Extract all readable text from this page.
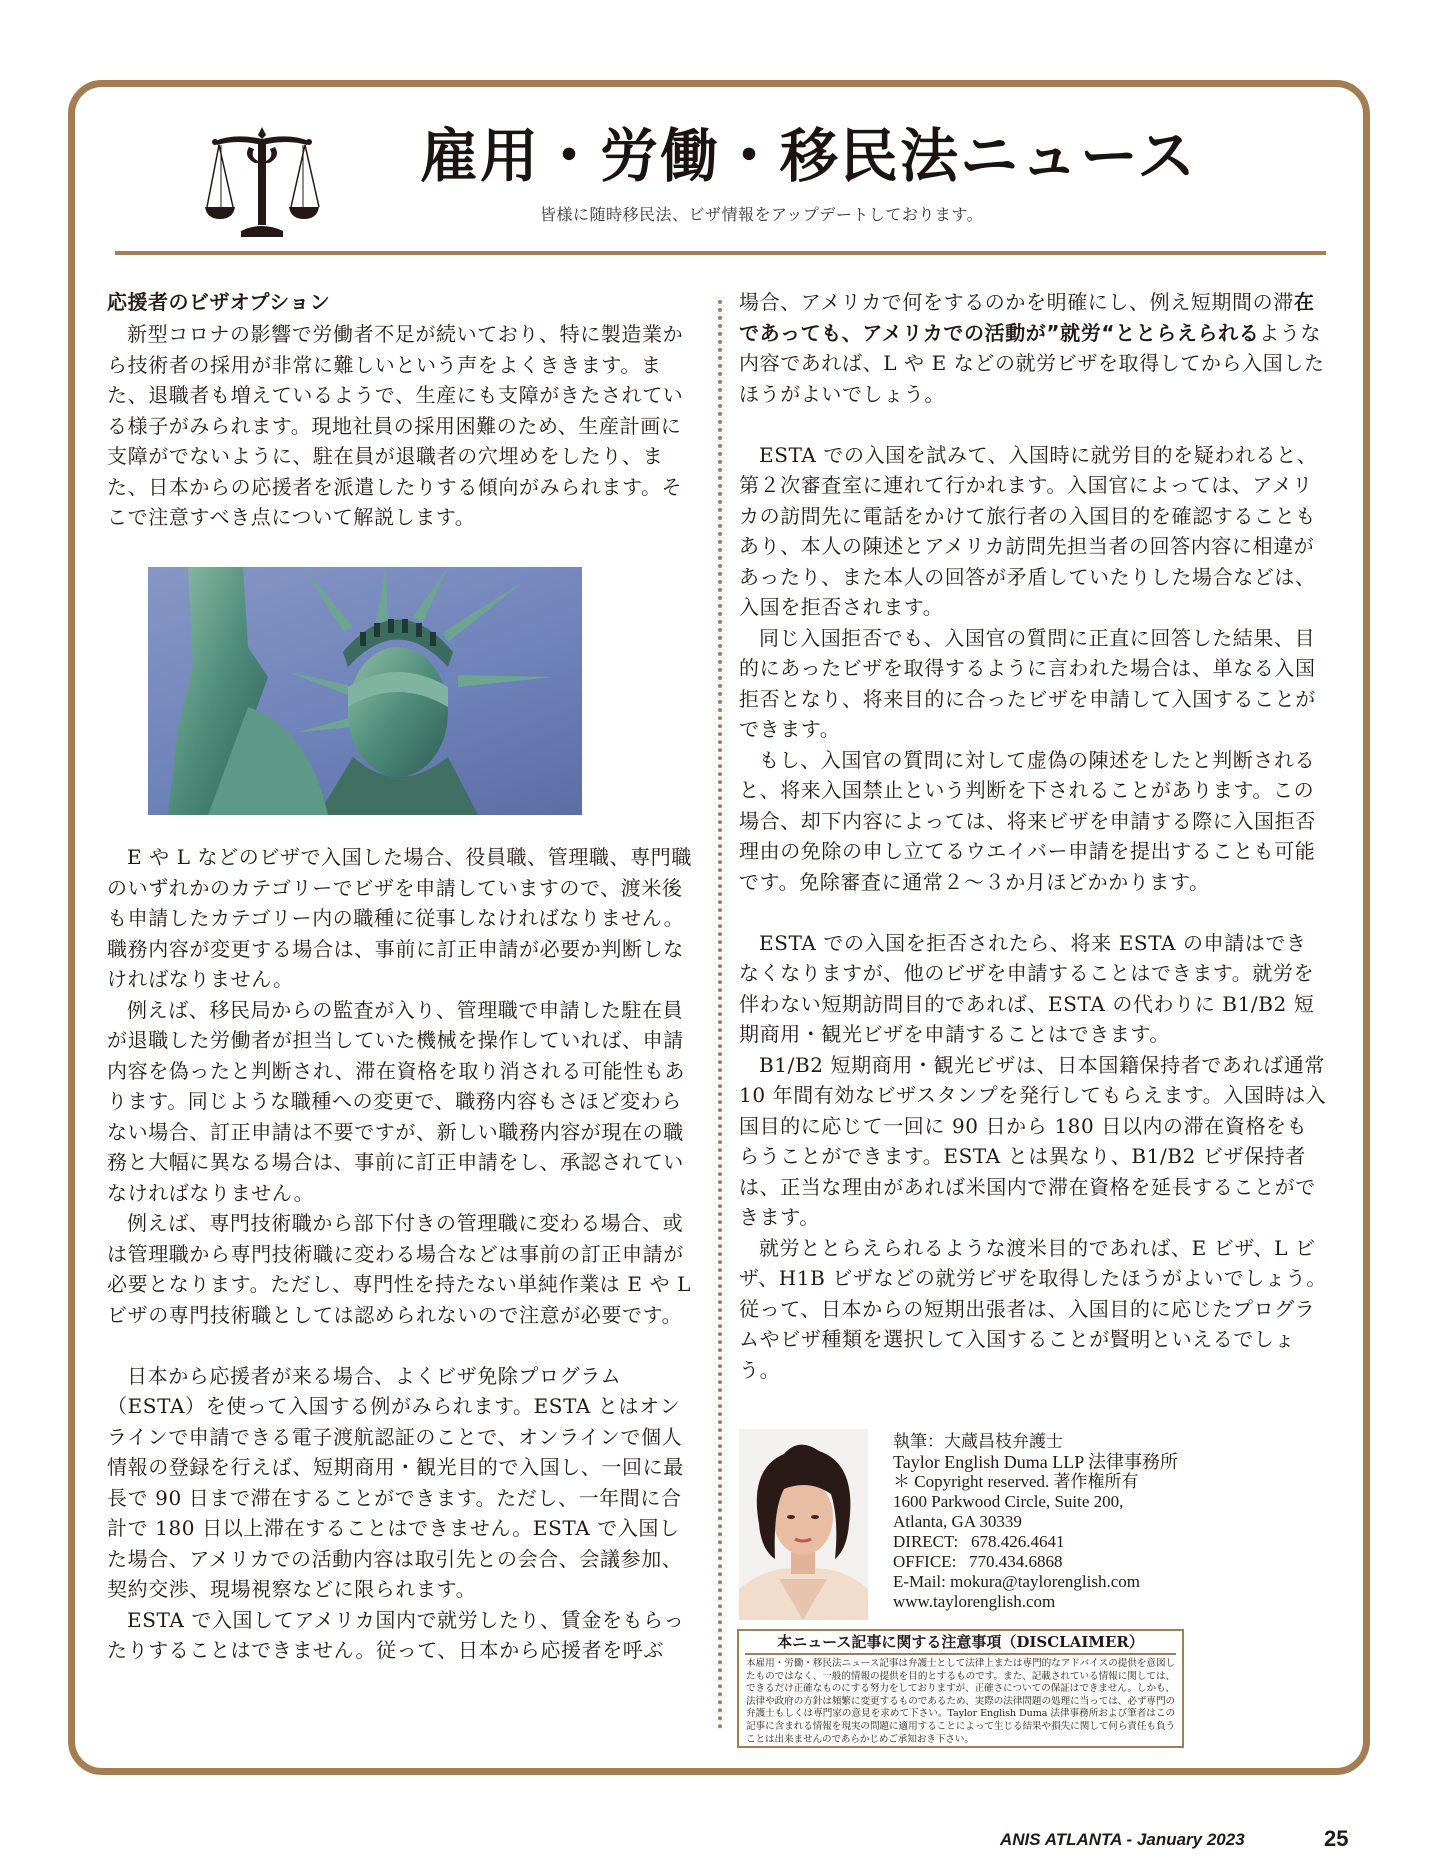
雇用・労働・移民法ニュース
皆様に随時移民法、ビザ情報をアップデートしております。
応援者のビザオプション

新型コロナの影響で労働者不足が続いており、特に製造業から技術者の採用が非常に難しいという声をよくききます。また、退職者も増えているようで、生産にも支障がきたされている様子がみられます。現地社員の採用困難のため、生産計画に支障がでないように、駐在員が退職者の穴埋めをしたり、また、日本からの応援者を派遣したりする傾向がみられます。そこで注意すべき点について解説します。

E や L などのビザで入国した場合、役員職、管理職、専門職のいずれかのカテゴリーでビザを申請していますので、渡米後も申請したカテゴリー内の職種に従事しなければなりません。職務内容が変更する場合は、事前に訂正申請が必要か判断しなければなりません。

例えば、移民局からの監査が入り、管理職で申請した駐在員が退職した労働者が担当していた機械を操作していれば、申請内容を偽ったと判断され、滞在資格を取り消される可能性もあります。同じような職種への変更で、職務内容もさほど変わらない場合、訂正申請は不要ですが、新しい職務内容が現在の職務と大幅に異なる場合は、事前に訂正申請をし、承認されていなければなりません。

例えば、専門技術職から部下付きの管理職に変わる場合、或は管理職から専門技術職に変わる場合などは事前の訂正申請が必要となります。ただし、専門性を持たない単純作業は E や L ビザの専門技術職としては認められないので注意が必要です。

日本から応援者が来る場合、よくビザ免除プログラム（ESTA）を使って入国する例がみられます。ESTA とはオンラインで申請できる電子渡航認証のことで、オンラインで個人情報の登録を行えば、短期商用・観光目的で入国し、一回に最長で 90 日まで滞在することができます。ただし、一年間に合計で 180 日以上滞在することはできません。ESTA で入国した場合、アメリカでの活動内容は取引先との会合、会議参加、契約交渉、現場視察などに限られます。

ESTA で入国してアメリカ国内で就労したり、賃金をもらったりすることはできません。従って、日本から応援者を呼ぶ

場合、アメリカで何をするのかを明確にし、例え短期間の滞在であっても、アメリカでの活動が”就労“ととらえられるような内容であれば、L や E などの就労ビザを取得してから入国したほうがよいでしょう。

ESTA での入国を試みて、入国時に就労目的を疑われると、第２次審査室に連れて行かれます。入国官によっては、アメリカの訪問先に電話をかけて旅行者の入国目的を確認することもあり、本人の陳述とアメリカ訪問先担当者の回答内容に相違があったり、また本人の回答が矛盾していたりした場合などは、入国を拒否されます。

同じ入国拒否でも、入国官の質問に正直に回答した結果、目的にあったビザを取得するように言われた場合は、単なる入国拒否となり、将来目的に合ったビザを申請して入国することができます。

もし、入国官の質問に対して虚偽の陳述をしたと判断されると、将来入国禁止という判断を下されることがあります。この場合、却下内容によっては、将来ビザを申請する際に入国拒否理由の免除の申し立てるウエイバー申請を提出することも可能です。免除審査に通常２～３か月ほどかかります。

ESTA での入国を拒否されたら、将来 ESTA の申請はできなくなりますが、他のビザを申請することはできます。就労を伴わない短期訪問目的であれば、ESTA の代わりに B1/B2 短期商用・観光ビザを申請することはできます。

B1/B2 短期商用・観光ビザは、日本国籍保持者であれば通常 10 年間有効なビザスタンプを発行してもらえます。入国時は入国目的に応じて一回に 90 日から 180 日以内の滞在資格をもらうことができます。ESTA とは異なり、B1/B2 ビザ保持者は、正当な理由があれば米国内で滞在資格を延長することができます。

就労ととらえられるような渡米目的であれば、E ビザ、L ビザ、H1B ビザなどの就労ビザを取得したほうがよいでしょう。従って、日本からの短期出張者は、入国目的に応じたプログラムやビザ種類を選択して入国することが賢明といえるでしょう。

執筆：大蔵昌枝弁護士
Taylor English Duma LLP 法律事務所
＊ Copyright reserved. 著作権所有
1600 Parkwood Circle, Suite 200,
Atlanta, GA 30339
DIRECT:   678.426.4641
OFFICE:   770.434.6868
E-Mail: mokura@taylorenglish.com
www.taylorenglish.com
本ニュース記事に関する注意事項（DISCLAIMER）
本雇用・労働・移民法ニュース記事は弁護士として法律上または専門的なアドバイスの提供を意図したものではなく、一般的情報の提供を目的とするものです。また、記載されている情報に関しては、できるだけ正確なものにする努力をしておりますが、正確さについての保証はできません。しかも、法律や政府の方針は頻繁に変更するものであるため、実際の法律問題の処理に当っては、必ず専門の弁護士もしくは専門家の意見を求めて下さい。Taylor English Duma 法律事務所および筆者はこの記事に含まれる情報を現実の問題に適用することによって生じる結果や損失に関して何ら責任も負うことは出来ませんのであらかじめご承知おき下さい。
ANIS ATLANTA - January 2023	25
